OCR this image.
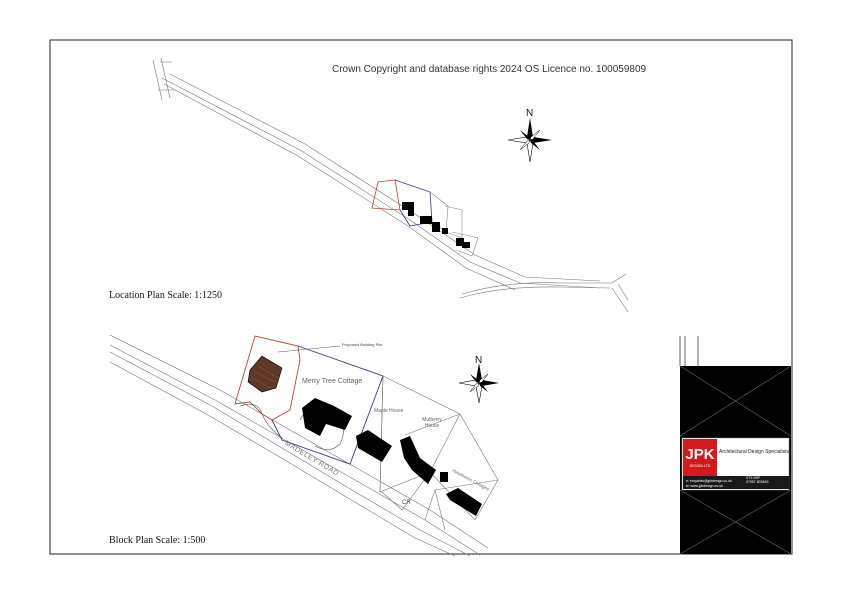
Crown Copyright and database rights 2024 OS Licence no. 100059809
N
Location Plan Scale: 1:1250
N
Proposed Building Plot
Merry Tree Cottage
Maple House
Mulberry House
Hawthorne Cottages
MADELEY ROAD
CR
Block Plan Scale: 1:500
JPK
DESIGN LTD
Architectural Design Specialists
JPK Design Ltd
Newcastle
Newcastle Under Lyme
ST5 0BP
07957 803469
e: enquiries@jpkdesign.co.uk
w: www.jpkdesign.co.uk
